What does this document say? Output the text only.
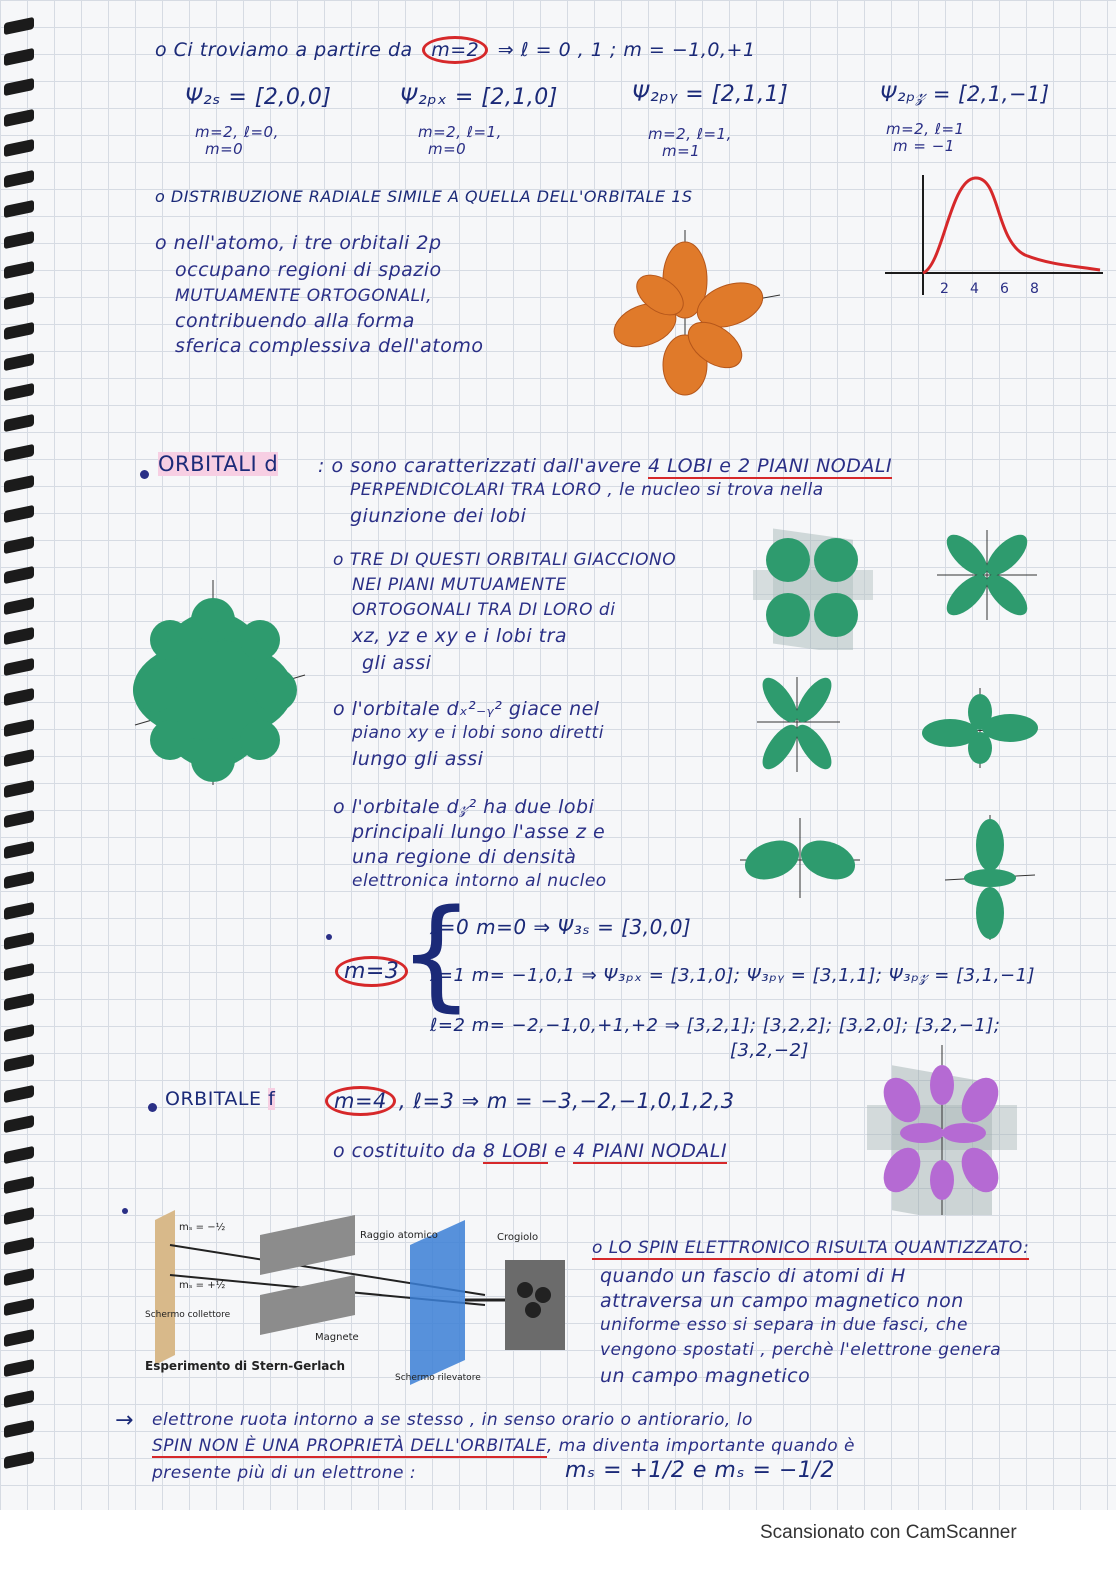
o Ci troviamo a partire da m=2 ⇒ ℓ = 0 , 1 ; m = −1,0,+1
Ψ₂ₛ = [2,0,0]
m=2, ℓ=0,
m=0
Ψ₂ₚₓ = [2,1,0]
m=2, ℓ=1,
m=0
Ψ₂ₚᵧ = [2,1,1]
m=2, ℓ=1,
m=1
Ψ₂ₚ𝓏 = [2,1,−1]
m=2, ℓ=1
m = −1
o DISTRIBUZIONE RADIALE SIMILE A QUELLA DELL'ORBITALE 1S
2 4 6 8
o nell'atomo, i tre orbitali 2p
occupano regioni di spazio
MUTUAMENTE ORTOGONALI,
contribuendo alla forma
sferica complessiva dell'atomo
ORBITALI d : o sono caratterizzati dall'avere 4 LOBI e 2 PIANI NODALI
PERPENDICOLARI TRA LORO , le nucleo si trova nella
giunzione dei lobi
o TRE DI QUESTI ORBITALI GIACCIONO
NEI PIANI MUTUAMENTE
ORTOGONALI TRA DI LORO di
xz, yz e xy e i lobi tra
gli assi
o l'orbitale dₓ²₋ᵧ² giace nel
piano xy e i lobi sono diretti
lungo gli assi
o l'orbitale d𝓏² ha due lobi
principali lungo l'asse z e
una regione di densità
elettronica intorno al nucleo
m=3
{
ℓ=0 m=0 ⇒ Ψ₃ₛ = [3,0,0]
ℓ=1 m= −1,0,1 ⇒ Ψ₃ₚₓ = [3,1,0]; Ψ₃ₚᵧ = [3,1,1]; Ψ₃ₚ𝓏 = [3,1,−1]
ℓ=2 m= −2,−1,0,+1,+2 ⇒ [3,2,1]; [3,2,2]; [3,2,0]; [3,2,−1];
[3,2,−2]
ORBITALE f	m=4 , ℓ=3 ⇒ m = −3,−2,−1,0,1,2,3
o costituito da 8 LOBI e 4 PIANI NODALI
mₛ = −½
mₛ = +½
Raggio atomico	Crogiolo
Schermo collettore
Magnete
Esperimento di Stern-Gerlach
Schermo rilevatore
o LO SPIN ELETTRONICO RISULTA QUANTIZZATO:
quando un fascio di atomi di H
attraversa un campo magnetico non
uniforme esso si separa in due fasci, che
vengono spostati , perchè l'elettrone genera
un campo magnetico
→ elettrone ruota intorno a se stesso , in senso orario o antiorario, lo
SPIN NON È UNA PROPRIETÀ DELL'ORBITALE, ma diventa importante quando è
presente più di un elettrone :	mₛ = +1/2 e mₛ = −1/2
Scansionato con CamScanner
